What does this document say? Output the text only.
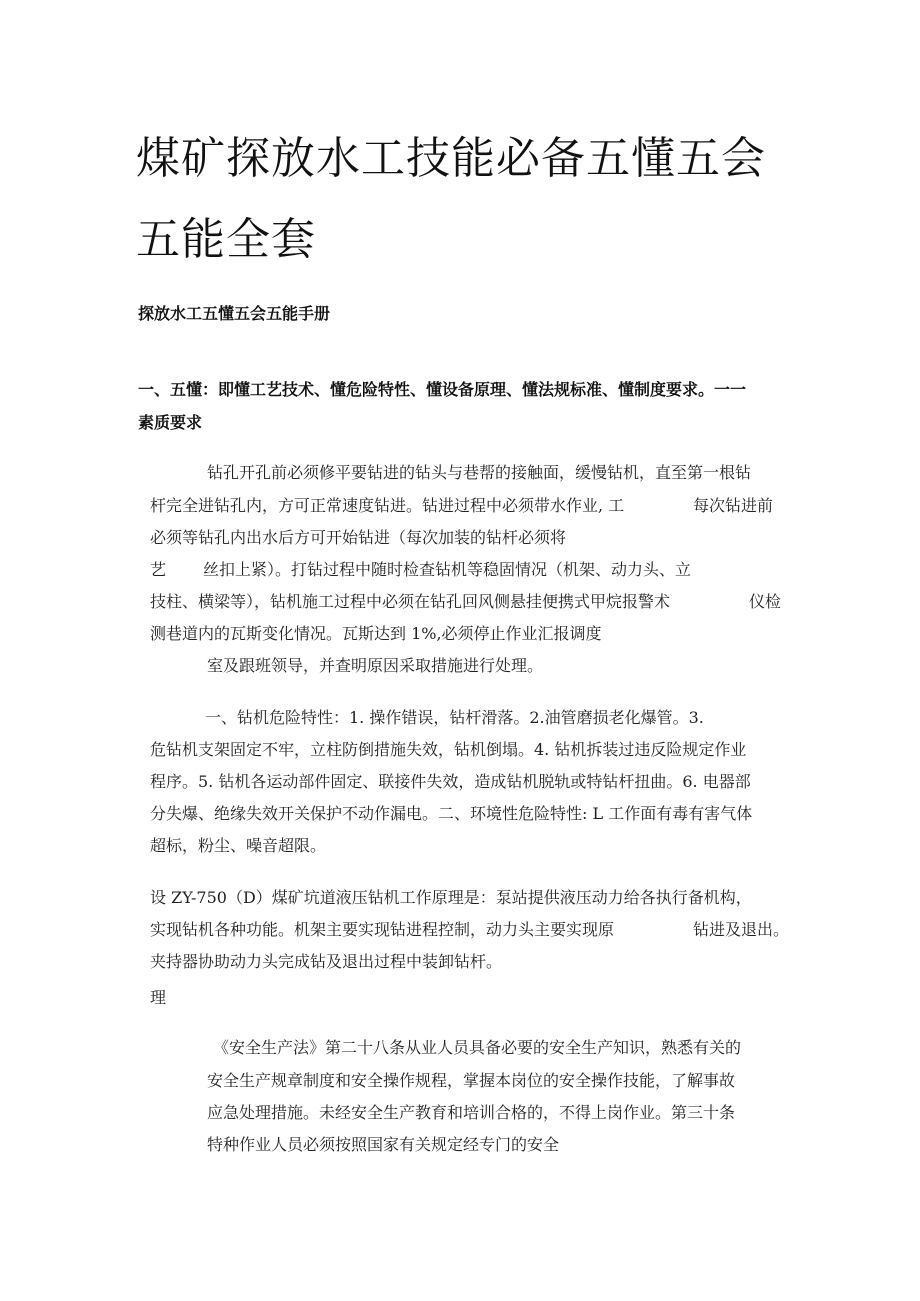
煤矿探放水工技能必备五懂五会
五能全套
探放水工五懂五会五能手册
一、五懂：即懂工艺技术、懂危险特性、懂设备原理、懂法规标准、懂制度要求。一一
素质要求
钻孔开孔前必须修平要钻进的钻头与巷帮的接触面，缓慢钻机，直至第一根钻
杆完全进钻孔内，方可正常速度钻进。钻进过程中必须带水作业, 工	每次钻进前
必须等钻孔内出水后方可开始钻进（每次加装的钻杆必须将
艺 丝扣上紧）。打钻过程中随时检查钻机等稳固情况（机架、动力头、立
技柱、横梁等），钻机施工过程中必须在钻孔回风侧悬挂便携式甲烷报警术	仪检
测巷道内的瓦斯变化情况。瓦斯达到 1%,必须停止作业汇报调度
室及跟班领导，并查明原因采取措施进行处理。
一、钻机危险特性：1. 操作错误，钻杆滑落。2.油管磨损老化爆管。3.
危钻机支架固定不牢，立柱防倒措施失效，钻机倒塌。4. 钻机拆装过违反险规定作业
程序。5. 钻机各运动部件固定、联接件失效，造成钻机脱轨或特钻杆扭曲。6. 电器部
分失爆、绝缘失效开关保护不动作漏电。二、环境性危险特性: L 工作面有毒有害气体
超标，粉尘、噪音超限。
设 ZY-750（D）煤矿坑道液压钻机工作原理是：泵站提供液压动力给各执行备机构，
实现钻机各种功能。机架主要实现钻进程控制，动力头主要实现原	钻进及退出。
夹持器协助动力头完成钻及退出过程中装卸钻杆。
理
《安全生产法》第二十八条从业人员具备必要的安全生产知识，熟悉有关的
安全生产规章制度和安全操作规程，掌握本岗位的安全操作技能，了解事故
应急处理措施。未经安全生产教育和培训合格的，不得上岗作业。第三十条
特种作业人员必须按照国家有关规定经专门的安全
